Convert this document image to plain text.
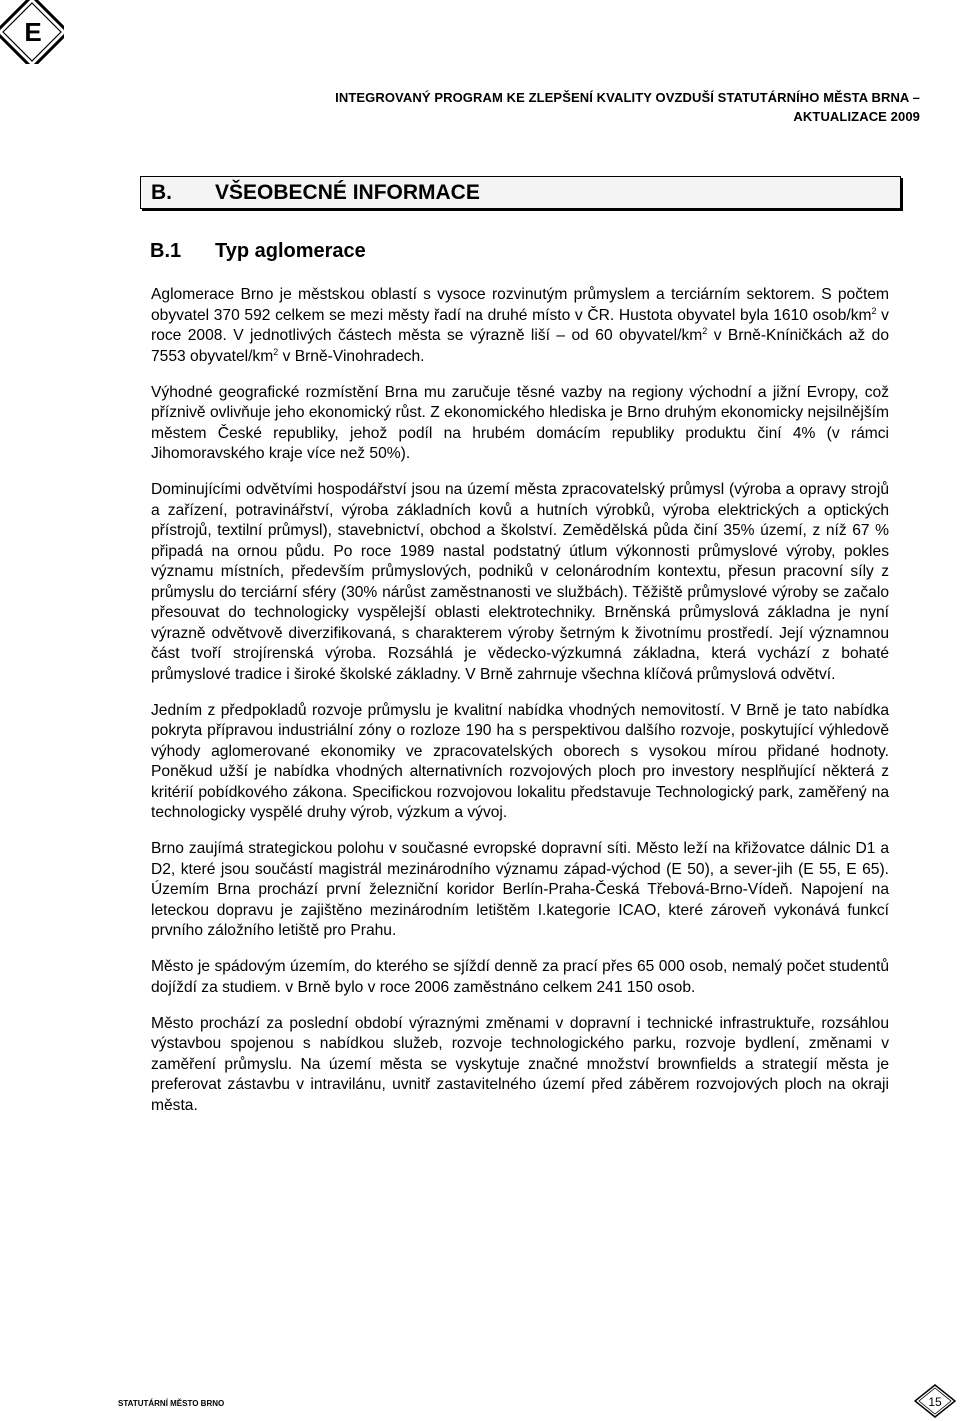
E
INTEGROVANÝ PROGRAM KE ZLEPŠENÍ KVALITY OVZDUŠÍ STATUTÁRNÍHO MĚSTA BRNA –
AKTUALIZACE 2009
B.	VŠEOBECNÉ INFORMACE
B.1	Typ aglomerace

Aglomerace Brno je městskou oblastí s vysoce rozvinutým průmyslem a terciárním sektorem. S počtem obyvatel 370 592 celkem se mezi městy řadí na druhé místo v ČR. Hustota obyvatel byla 1610 osob/$km^2$ v roce 2008. V jednotlivých částech města se výrazně liší – od 60 obyvatel/$km^2$ v Brně-Kníničkách až do 7553 obyvatel/$km^2$ v Brně-Vinohradech.

Výhodné geografické rozmístění Brna mu zaručuje těsné vazby na regiony východní a jižní Evropy, což příznivě ovlivňuje jeho ekonomický růst. Z ekonomického hlediska je Brno druhým ekonomicky nejsilnějším městem České republiky, jehož podíl na hrubém domácím republiky produktu činí 4% (v rámci Jihomoravského kraje více než 50%).

Dominujícími odvětvími hospodářství jsou na území města zpracovatelský průmysl (výroba a opravy strojů a zařízení, potravinářství, výroba základních kovů a hutních výrobků, výroba elektrických a optických přístrojů, textilní průmysl), stavebnictví, obchod a školství. Zemědělská půda činí 35% území, z níž 67 % připadá na ornou půdu. Po roce 1989 nastal podstatný útlum výkonnosti průmyslové výroby, pokles významu místních, především průmyslových, podniků v celonárodním kontextu, přesun pracovní síly z průmyslu do terciární sféry (30% nárůst zaměstnanosti ve službách). Těžiště průmyslové výroby se začalo přesouvat do technologicky vyspělejší oblasti elektrotechniky. Brněnská průmyslová základna je nyní výrazně odvětvově diverzifikovaná, s charakterem výroby šetrným k životnímu prostředí. Její významnou část tvoří strojírenská výroba. Rozsáhlá je vědecko-výzkumná základna, která vychází z bohaté průmyslové tradice i široké školské základny. V Brně zahrnuje všechna klíčová průmyslová odvětví.

Jedním z předpokladů rozvoje průmyslu je kvalitní nabídka vhodných nemovitostí. V Brně je tato nabídka pokryta přípravou industriální zóny o rozloze 190 ha s perspektivou dalšího rozvoje, poskytující výhledově výhody aglomerované ekonomiky ve zpracovatelských oborech s vysokou mírou přidané hodnoty. Poněkud užší je nabídka vhodných alternativních rozvojových ploch pro investory nesplňující některá z kritérií pobídkového zákona. Specifickou rozvojovou lokalitu představuje Technologický park, zaměřený na technologicky vyspělé druhy výrob, výzkum a vývoj.

Brno zaujímá strategickou polohu v současné evropské dopravní síti. Město leží na křižovatce dálnic D1 a D2, které jsou součástí magistrál mezinárodního významu západ-východ (E 50), a sever-jih (E 55, E 65). Územím Brna prochází první železniční koridor Berlín-Praha-Česká Třebová-Brno-Vídeň. Napojení na leteckou dopravu je zajištěno mezinárodním letištěm I.kategorie ICAO, které zároveň vykonává funkcí prvního záložního letiště pro Prahu.

Město je spádovým územím, do kterého se sjíždí denně za prací přes 65 000 osob, nemalý počet studentů dojíždí za studiem. v Brně bylo v roce 2006 zaměstnáno celkem 241 150 osob.

Město prochází za poslední období výraznými změnami v dopravní i technické infrastruktuře, rozsáhlou výstavbou spojenou s nabídkou služeb, rozvoje technologického parku, rozvoje bydlení, změnami v zaměření průmyslu. Na území města se vyskytuje značné množství brownfields a strategií města je preferovat zástavbu v intravilánu, uvnitř zastavitelného území před záběrem rozvojových ploch na okraji města.

STATUTÁRNÍ MĚSTO BRNO	15
